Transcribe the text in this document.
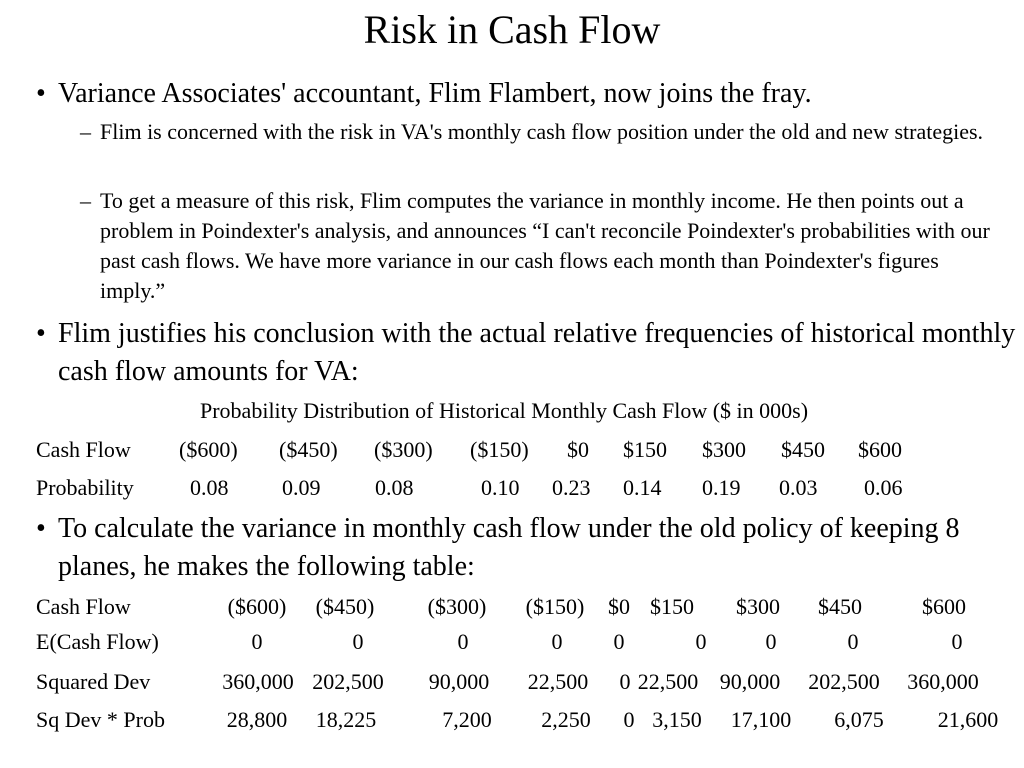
Risk in Cash Flow
• Variance Associates' accountant, Flim Flambert, now joins the fray.
– Flim is concerned with the risk in VA's monthly cash flow position under the old and new strategies.
– To get a measure of this risk, Flim computes the variance in monthly income. He then points out a problem in Poindexter's analysis, and announces “I can't reconcile Poindexter's probabilities with our past cash flows. We have more variance in our cash flows each month than Poindexter's figures imply.”
• Flim justifies his conclusion with the actual relative frequencies of historical monthly cash flow amounts for VA:
Probability Distribution of Historical Monthly Cash Flow ($ in 000s)
Cash Flow ($600) ($450) ($300) ($150) $0 $150 $300 $450 $600
Probability	0.08 0.09 0.08	0.10 0.23 0.14 0.19 0.03 0.06
• To calculate the variance in monthly cash flow under the old policy of keeping 8 planes, he makes the following table:
Cash Flow	($600)	($450)	($300)	($150)	$0 $150	$300	$450	$600
E(Cash Flow)	0	0	0	0	0	0	0	0	0
Squared Dev	360,000 202,500	90,000	22,500	0 22,500 90,000	202,500	360,000
Sq Dev * Prob	28,800	18,225	7,200	2,250	0 3,150	17,100	6,075	21,600
